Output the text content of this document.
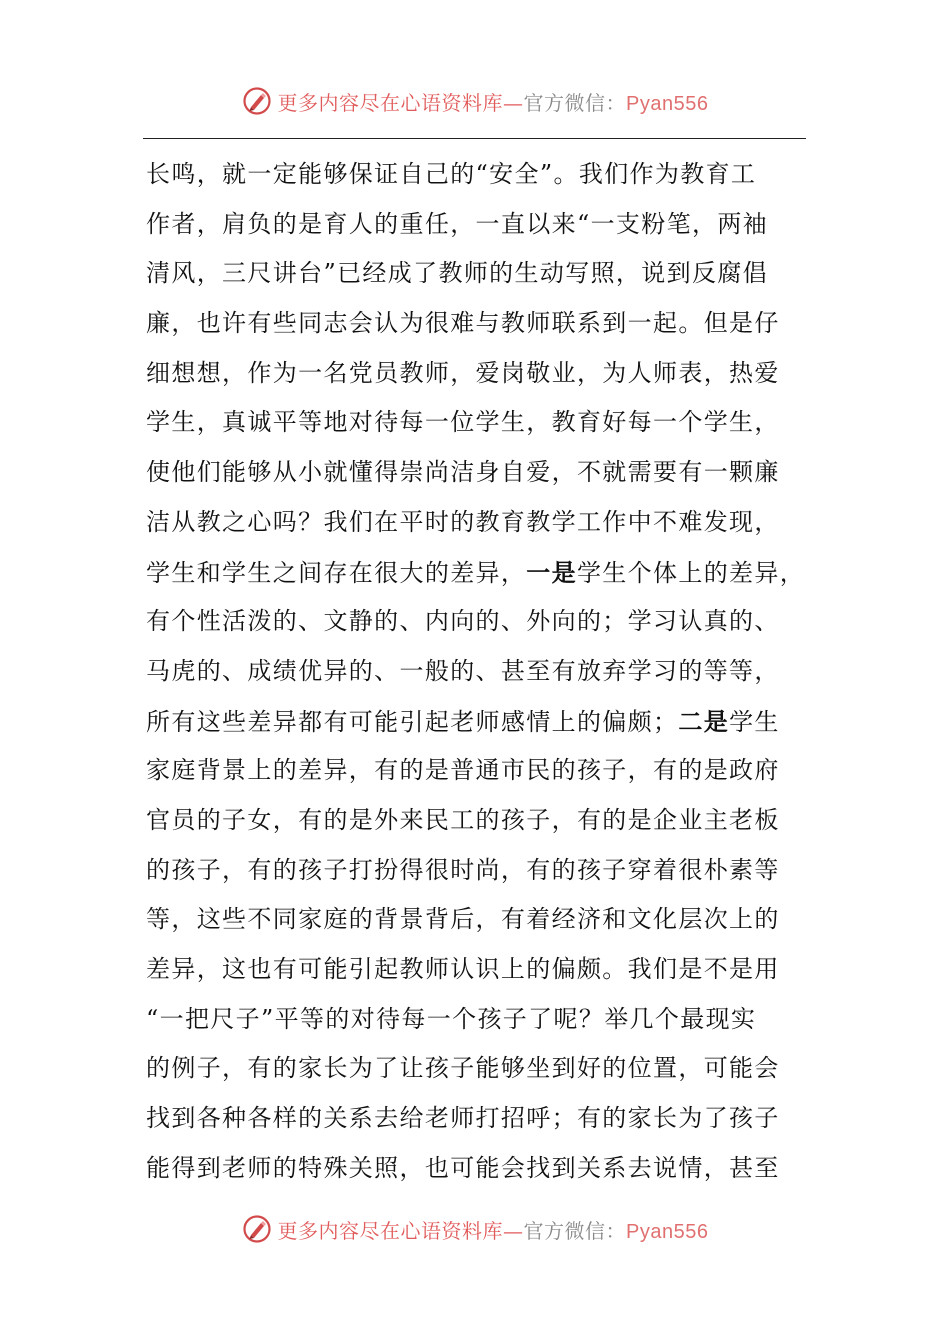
更多内容尽在心语资料库—官方微信：Pyan556
长鸣，就一定能够保证自己的“安全”。我们作为教育工
作者，肩负的是育人的重任，一直以来“一支粉笔，两袖
清风，三尺讲台”已经成了教师的生动写照，说到反腐倡
廉，也许有些同志会认为很难与教师联系到一起。但是仔
细想想，作为一名党员教师，爱岗敬业，为人师表，热爱
学生，真诚平等地对待每一位学生，教育好每一个学生，
使他们能够从小就懂得崇尚洁身自爱，不就需要有一颗廉
洁从教之心吗？我们在平时的教育教学工作中不难发现，
学生和学生之间存在很大的差异，一是学生个体上的差异，
有个性活泼的、文静的、内向的、外向的；学习认真的、
马虎的、成绩优异的、一般的、甚至有放弃学习的等等，
所有这些差异都有可能引起老师感情上的偏颇；二是学生
家庭背景上的差异，有的是普通市民的孩子，有的是政府
官员的子女，有的是外来民工的孩子，有的是企业主老板
的孩子，有的孩子打扮得很时尚，有的孩子穿着很朴素等
等，这些不同家庭的背景背后，有着经济和文化层次上的
差异，这也有可能引起教师认识上的偏颇。我们是不是用
“一把尺子”平等的对待每一个孩子了呢？举几个最现实
的例子，有的家长为了让孩子能够坐到好的位置，可能会
找到各种各样的关系去给老师打招呼；有的家长为了孩子
能得到老师的特殊关照，也可能会找到关系去说情，甚至
更多内容尽在心语资料库—官方微信：Pyan556
